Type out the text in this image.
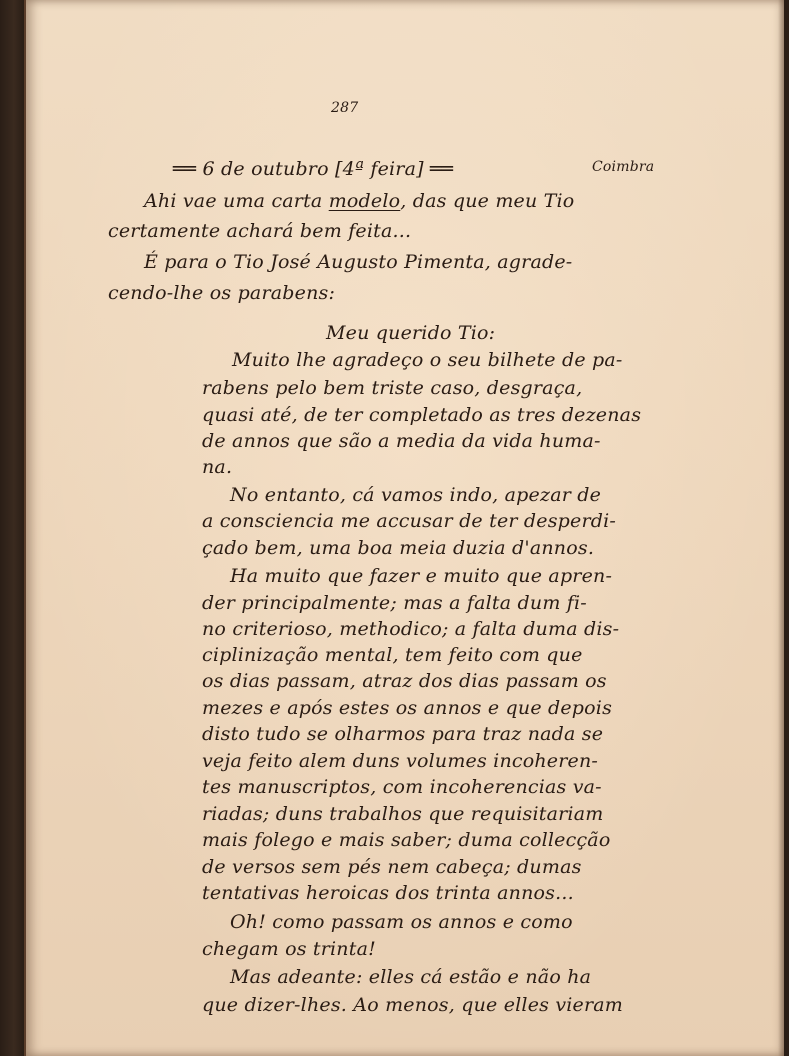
287
══ 6 de outubro [4ª feira] ══	Coimbra
Ahi vae uma carta modelo, das que meu Tio
certamente achará bem feita...
É para o Tio José Augusto Pimenta, agrade-
cendo-lhe os parabens:
Meu querido Tio:
Muito lhe agradeço o seu bilhete de pa-
rabens pelo bem triste caso, desgraça,
quasi até, de ter completado as tres dezenas
de annos que são a media da vida huma-
na.
No entanto, cá vamos indo, apezar de
a consciencia me accusar de ter desperdi-
çado bem, uma boa meia duzia d'annos.
Ha muito que fazer e muito que apren-
der principalmente; mas a falta dum fi-
no criterioso, methodico; a falta duma dis-
ciplinização mental, tem feito com que
os dias passam, atraz dos dias passam os
mezes e após estes os annos e que depois
disto tudo se olharmos para traz nada se
veja feito alem duns volumes incoheren-
tes manuscriptos, com incoherencias va-
riadas; duns trabalhos que requisitariam
mais folego e mais saber; duma collecção
de versos sem pés nem cabeça; dumas
tentativas heroicas dos trinta annos...
Oh! como passam os annos e como
chegam os trinta!
Mas adeante: elles cá estão e não ha
que dizer-lhes. Ao menos, que elles vieram
